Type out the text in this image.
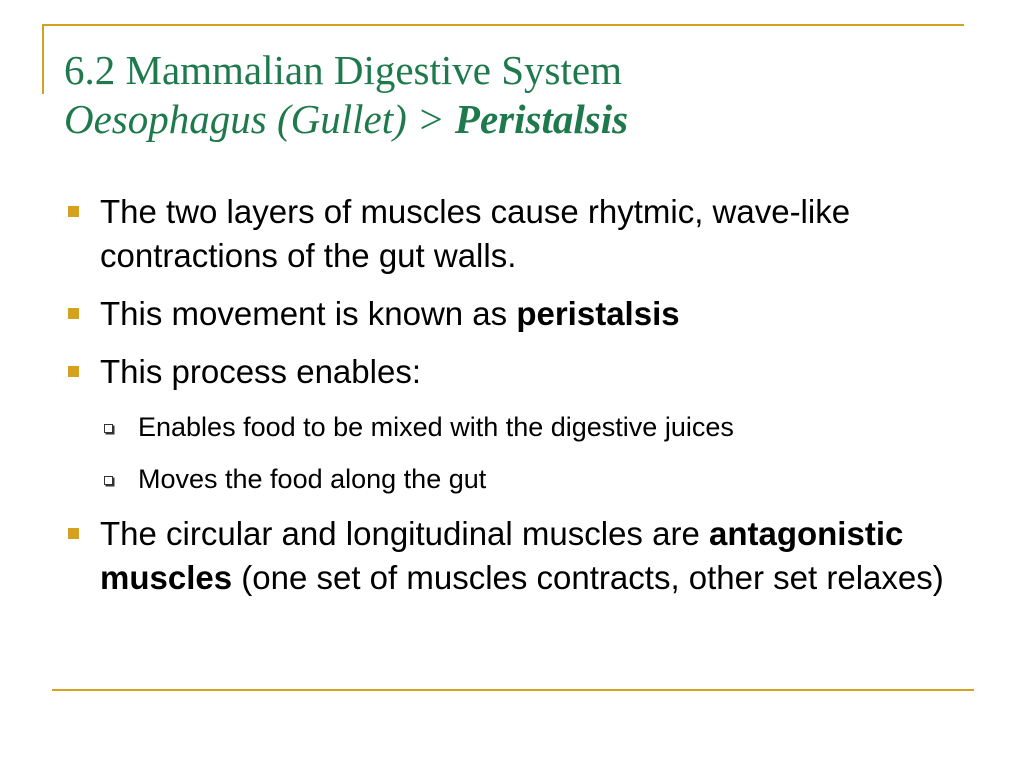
6.2 Mammalian Digestive System
Oesophagus (Gullet) > Peristalsis
The two layers of muscles cause rhytmic, wave-like contractions of the gut walls.
This movement is known as peristalsis
This process enables:
Enables food to be mixed with the digestive juices
Moves the food along the gut
The circular and longitudinal muscles are antagonistic muscles (one set of muscles contracts, other set relaxes)
